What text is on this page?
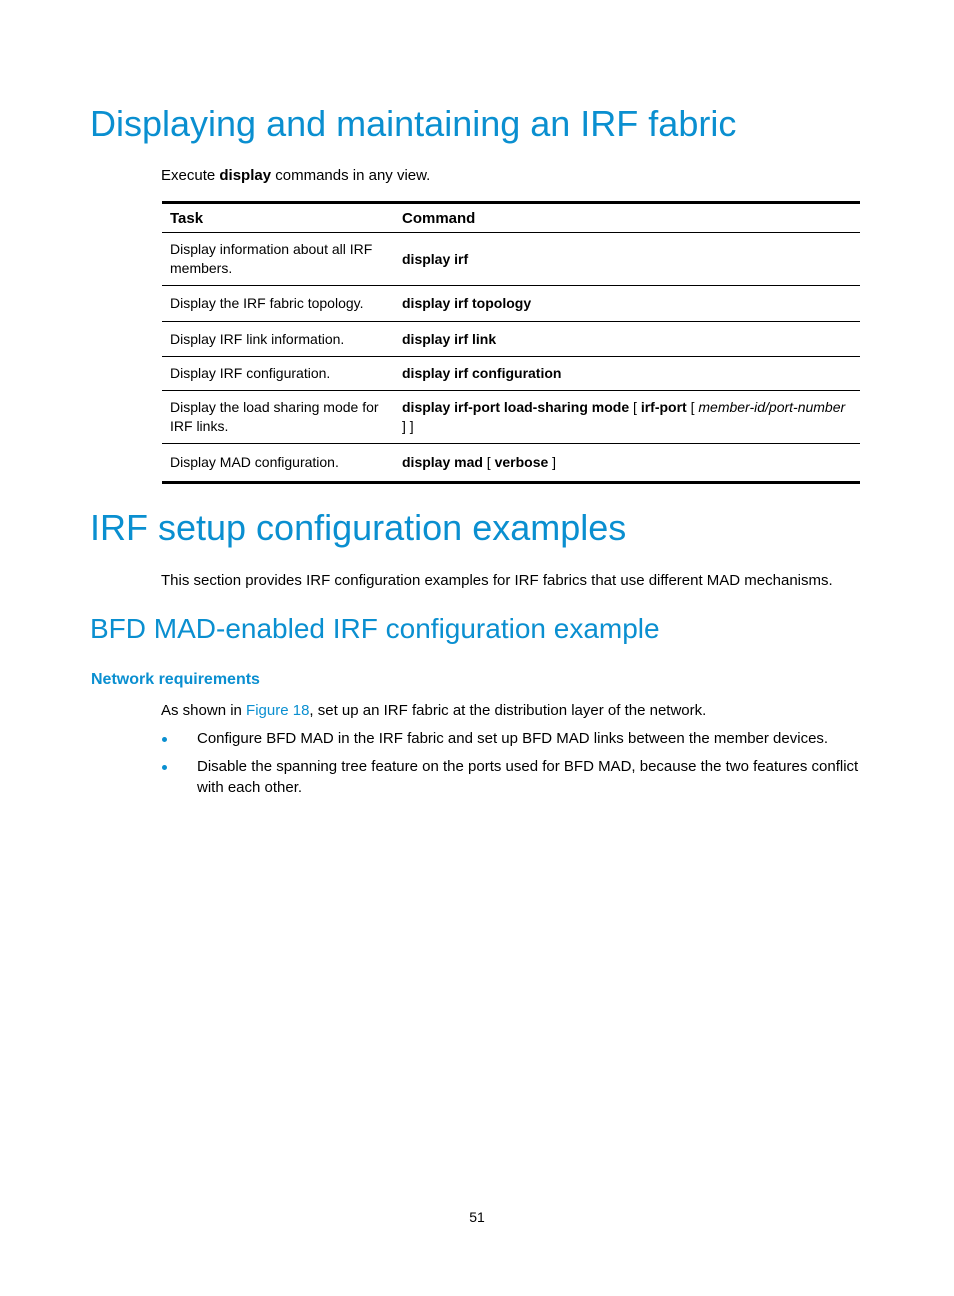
Displaying and maintaining an IRF fabric

Execute display commands in any view.

Task	Command
Display information about all IRF members.	display irf
Display the IRF fabric topology.	display irf topology
Display IRF link information.	display irf link
Display IRF configuration.	display irf configuration
Display the load sharing mode for IRF links.	display irf-port load-sharing mode [ irf-port [ member-id/port-number ] ]
Display MAD configuration.	display mad [ verbose ]
IRF setup configuration examples

This section provides IRF configuration examples for IRF fabrics that use different MAD mechanisms.

BFD MAD-enabled IRF configuration example
Network requirements

As shown in Figure 18, set up an IRF fabric at the distribution layer of the network.

Configure BFD MAD in the IRF fabric and set up BFD MAD links between the member devices.
Disable the spanning tree feature on the ports used for BFD MAD, because the two features conflict with each other.
51
